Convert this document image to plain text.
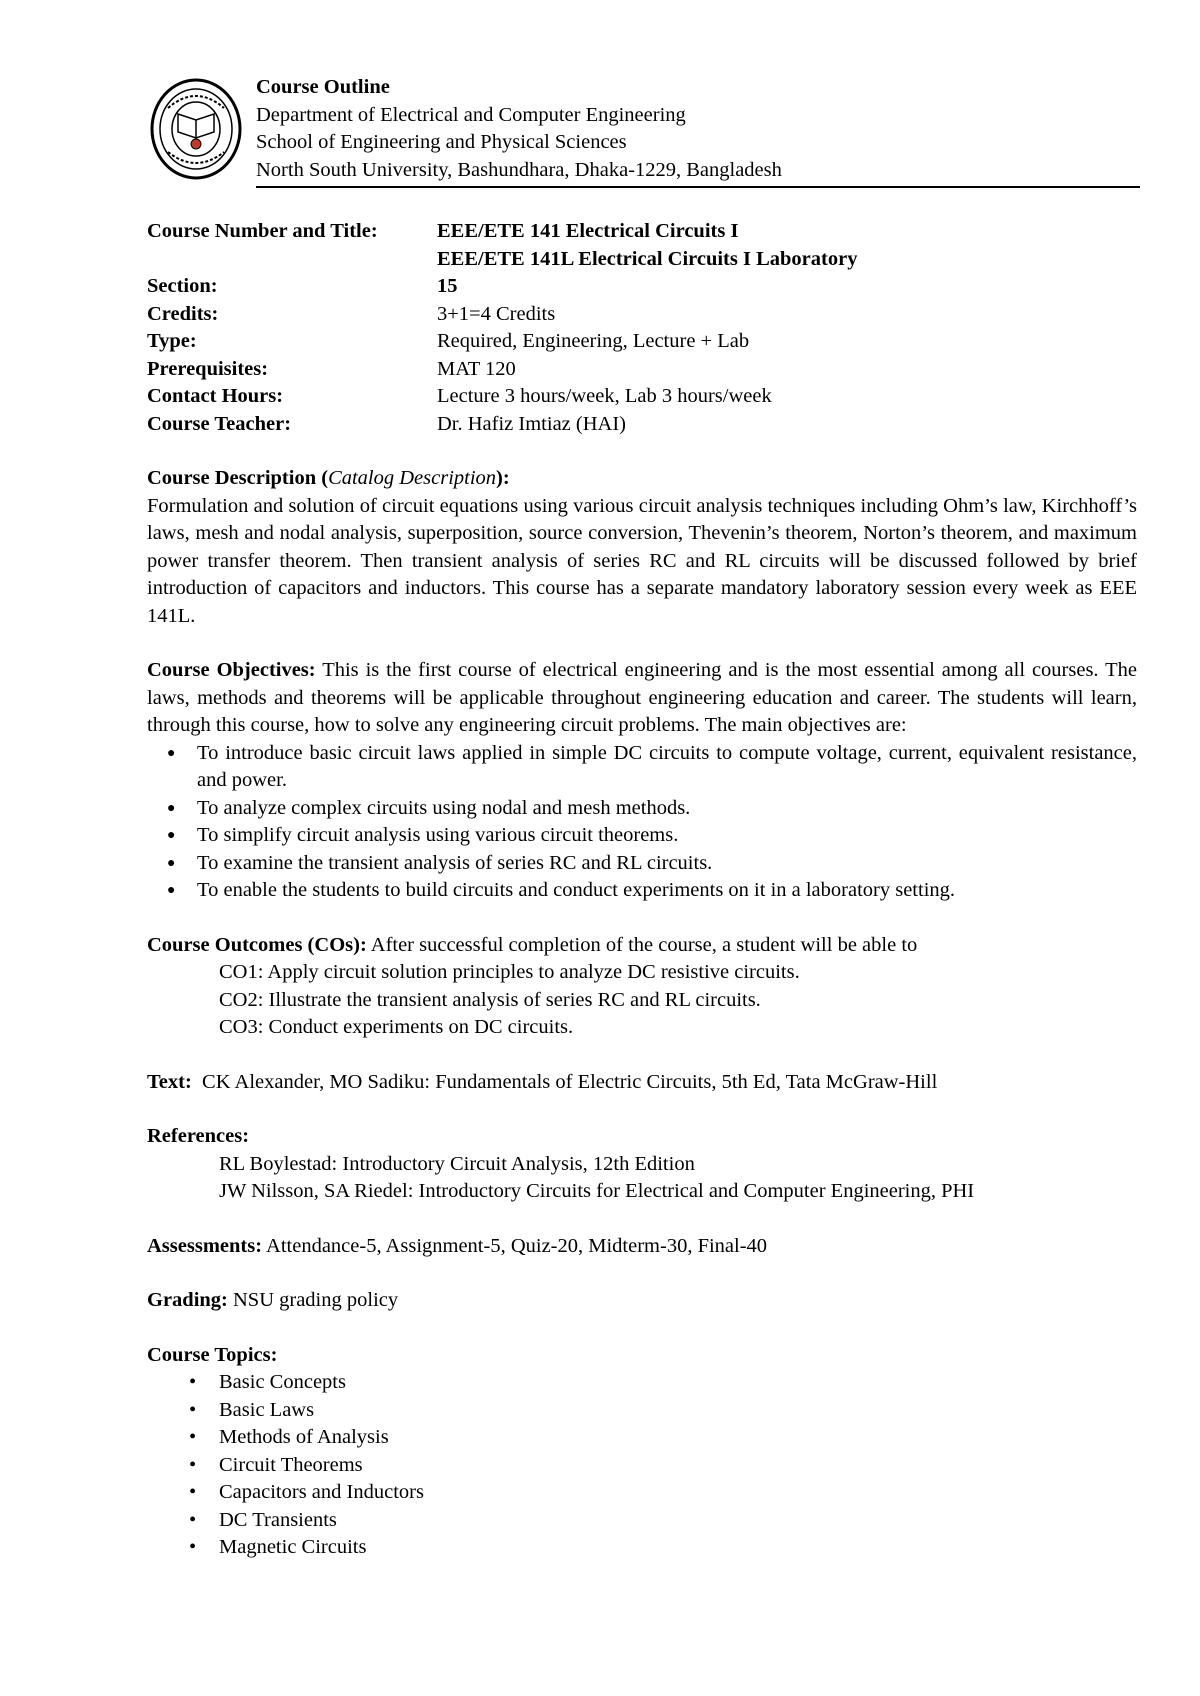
Course Outline
Department of Electrical and Computer Engineering
School of Engineering and Physical Sciences
North South University, Bashundhara, Dhaka-1229, Bangladesh
Course Number and Title:	EEE/ETE 141 Electrical Circuits I
	EEE/ETE 141L Electrical Circuits I Laboratory
Section:	15
Credits:	3+1=4 Credits
Type:	Required, Engineering, Lecture + Lab
Prerequisites:	MAT 120
Contact Hours:	Lecture 3 hours/week, Lab 3 hours/week
Course Teacher:	Dr. Hafiz Imtiaz (HAI)
Course Description (Catalog Description):
Formulation and solution of circuit equations using various circuit analysis techniques including Ohm’s law, Kirchhoff’s laws, mesh and nodal analysis, superposition, source conversion, Thevenin’s theorem, Norton’s theorem, and maximum power transfer theorem. Then transient analysis of series RC and RL circuits will be discussed followed by brief introduction of capacitors and inductors. This course has a separate mandatory laboratory session every week as EEE 141L.
Course Objectives: This is the first course of electrical engineering and is the most essential among all courses. The laws, methods and theorems will be applicable throughout engineering education and career. The students will learn, through this course, how to solve any engineering circuit problems. The main objectives are:
● To introduce basic circuit laws applied in simple DC circuits to compute voltage, current, equivalent resistance, and power.
● To analyze complex circuits using nodal and mesh methods.
● To simplify circuit analysis using various circuit theorems.
● To examine the transient analysis of series RC and RL circuits.
● To enable the students to build circuits and conduct experiments on it in a laboratory setting.
Course Outcomes (COs): After successful completion of the course, a student will be able to
CO1: Apply circuit solution principles to analyze DC resistive circuits.
CO2: Illustrate the transient analysis of series RC and RL circuits.
CO3: Conduct experiments on DC circuits.
Text:  CK Alexander, MO Sadiku: Fundamentals of Electric Circuits, 5th Ed, Tata McGraw-Hill
References:
RL Boylestad: Introductory Circuit Analysis, 12th Edition
JW Nilsson, SA Riedel: Introductory Circuits for Electrical and Computer Engineering, PHI
Assessments: Attendance-5, Assignment-5, Quiz-20, Midterm-30, Final-40
Grading: NSU grading policy
Course Topics:
• Basic Concepts
• Basic Laws
• Methods of Analysis
• Circuit Theorems
• Capacitors and Inductors
• DC Transients
• Magnetic Circuits
